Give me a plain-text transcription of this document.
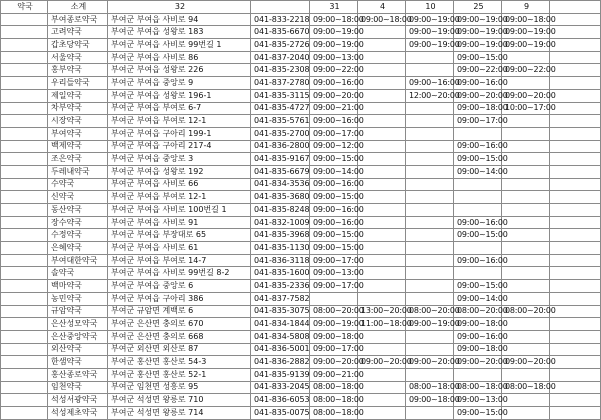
약국	소계	32		31	4	10	25	9	
	부여종로약국	부여군 부여읍 사비로 94	041-833-2218	09:00~18:00	09:00~18:00	09:00~19:00	09:00~19:00	09:00~18:00	
	고려약국	부여군 부여읍 성왕로 183	041-835-6670	09:00~19:00		09:00~19:00	09:00~19:00	09:00~19:00	
	갑초당약국	부여군 부여읍 사비로 99번길 1	041-835-2726	09:00~19:00		09:00~19:00	09:00~19:00	09:00~19:00	
	서울약국	부여군 부여읍 사비로 86	041-837-2040	09:00~13:00			09:00~15:00		
	홍부약국	부여군 부여읍 성왕로 226	041-835-2308	09:00~22:00			09:00~22:00	09:00~22:00	
	우리들약국	부여군 부여읍 중앙로 9	041-837-2780	09:00~16:00		09:00~16:00	09:00~16:00		
	제일약국	부여군 부여읍 성왕로 196-1	041-835-3115	09:00~20:00		12:00~20:00	09:00~20:00	09:00~20:00	
	차부약국	부여군 부여읍 부여로 6-7	041-835-4727	09:00~21:00			09:00~18:00	10:00~17:00	
	시장약국	부여군 부여읍 부여로 12-1	041-835-5761	09:00~16:00			09:00~17:00		
	부여약국	부여군 부여읍 구아리 199-1	041-835-2700	09:00~17:00					
	백제약국	부여군 부여읍 구아리 217-4	041-836-2800	09:00~12:00			09:00~16:00		
	조은약국	부여군 부여읍 중앙로 3	041-835-9167	09:00~15:00			09:00~15:00		
	두레내약국	부여군 부여읍 성왕로 192	041-835-6679	09:00~14:00			09:00~14:00		
	수약국	부여군 부여읍 사비로 66	041-834-3536	09:00~16:00					
	신약국	부여군 부여읍 부여로 12-1	041-835-3680	09:00~15:00					
	동산약국	부여군 부여읍 사비로 100번길 1	041-835-8248	09:00~16:00					
	장수약국	부여군 부여읍 사비로 91	041-832-1009	09:00~16:00			09:00~16:00		
	수정약국	부여군 부여읍 부장대로 65	041-835-3968	09:00~15:00			09:00~15:00		
	은혜약국	부여군 부여읍 사비로 61	041-835-1130	09:00~15:00					
	부여대한약국	부여군 부여읍 부여로 14-7	041-836-3118	09:00~17:00			09:00~16:00		
	솔약국	부여군 부여읍 사비로 99번길 8-2	041-835-1600	09:00~13:00					
	백마약국	부여군 부여읍 중앙로 6	041-835-2336	09:00~17:00			09:00~15:00		
	농민약국	부여군 부여읍 구아리 386	041-837-7582				09:00~14:00		
	규암약국	부여군 규암면 계백로 6	041-835-3075	08:00~20:00	13:00~20:00	08:00~20:00	08:00~20:00	08:00~20:00	
	은산성모약국	부여군 은산면 충의로 670	041-834-1844	09:00~19:00	11:00~18:00	09:00~19:00	09:00~18:00		
	은산중앙약국	부여군 은산면 충의로 668	041-834-5808	09:00~18:00			09:00~16:00		
	외산약국	부여군 외산면 외산로 87	041-836-5001	09:00~17:00			09:00~18:00		
	한샘약국	부여군 홍산면 홍산로 54-3	041-836-2882	09:00~20:00	09:00~20:00	09:00~20:00	09:00~20:00	09:00~20:00	
	홍산종로약국	부여군 홍산면 홍산로 52-1	041-835-9139	09:00~21:00					
	임천약국	부여군 임천면 성흥로 95	041-833-2045	08:00~18:00		08:00~18:00	08:00~18:00	08:00~18:00	
	석성서광약국	부여군 석성면 왕릉로 710	041-836-6053	08:00~18:00		09:00~18:00	09:00~13:00		
	석성제초약국	부여군 석성면 왕릉로 714	041-835-0075	08:00~18:00			09:00~15:00		
